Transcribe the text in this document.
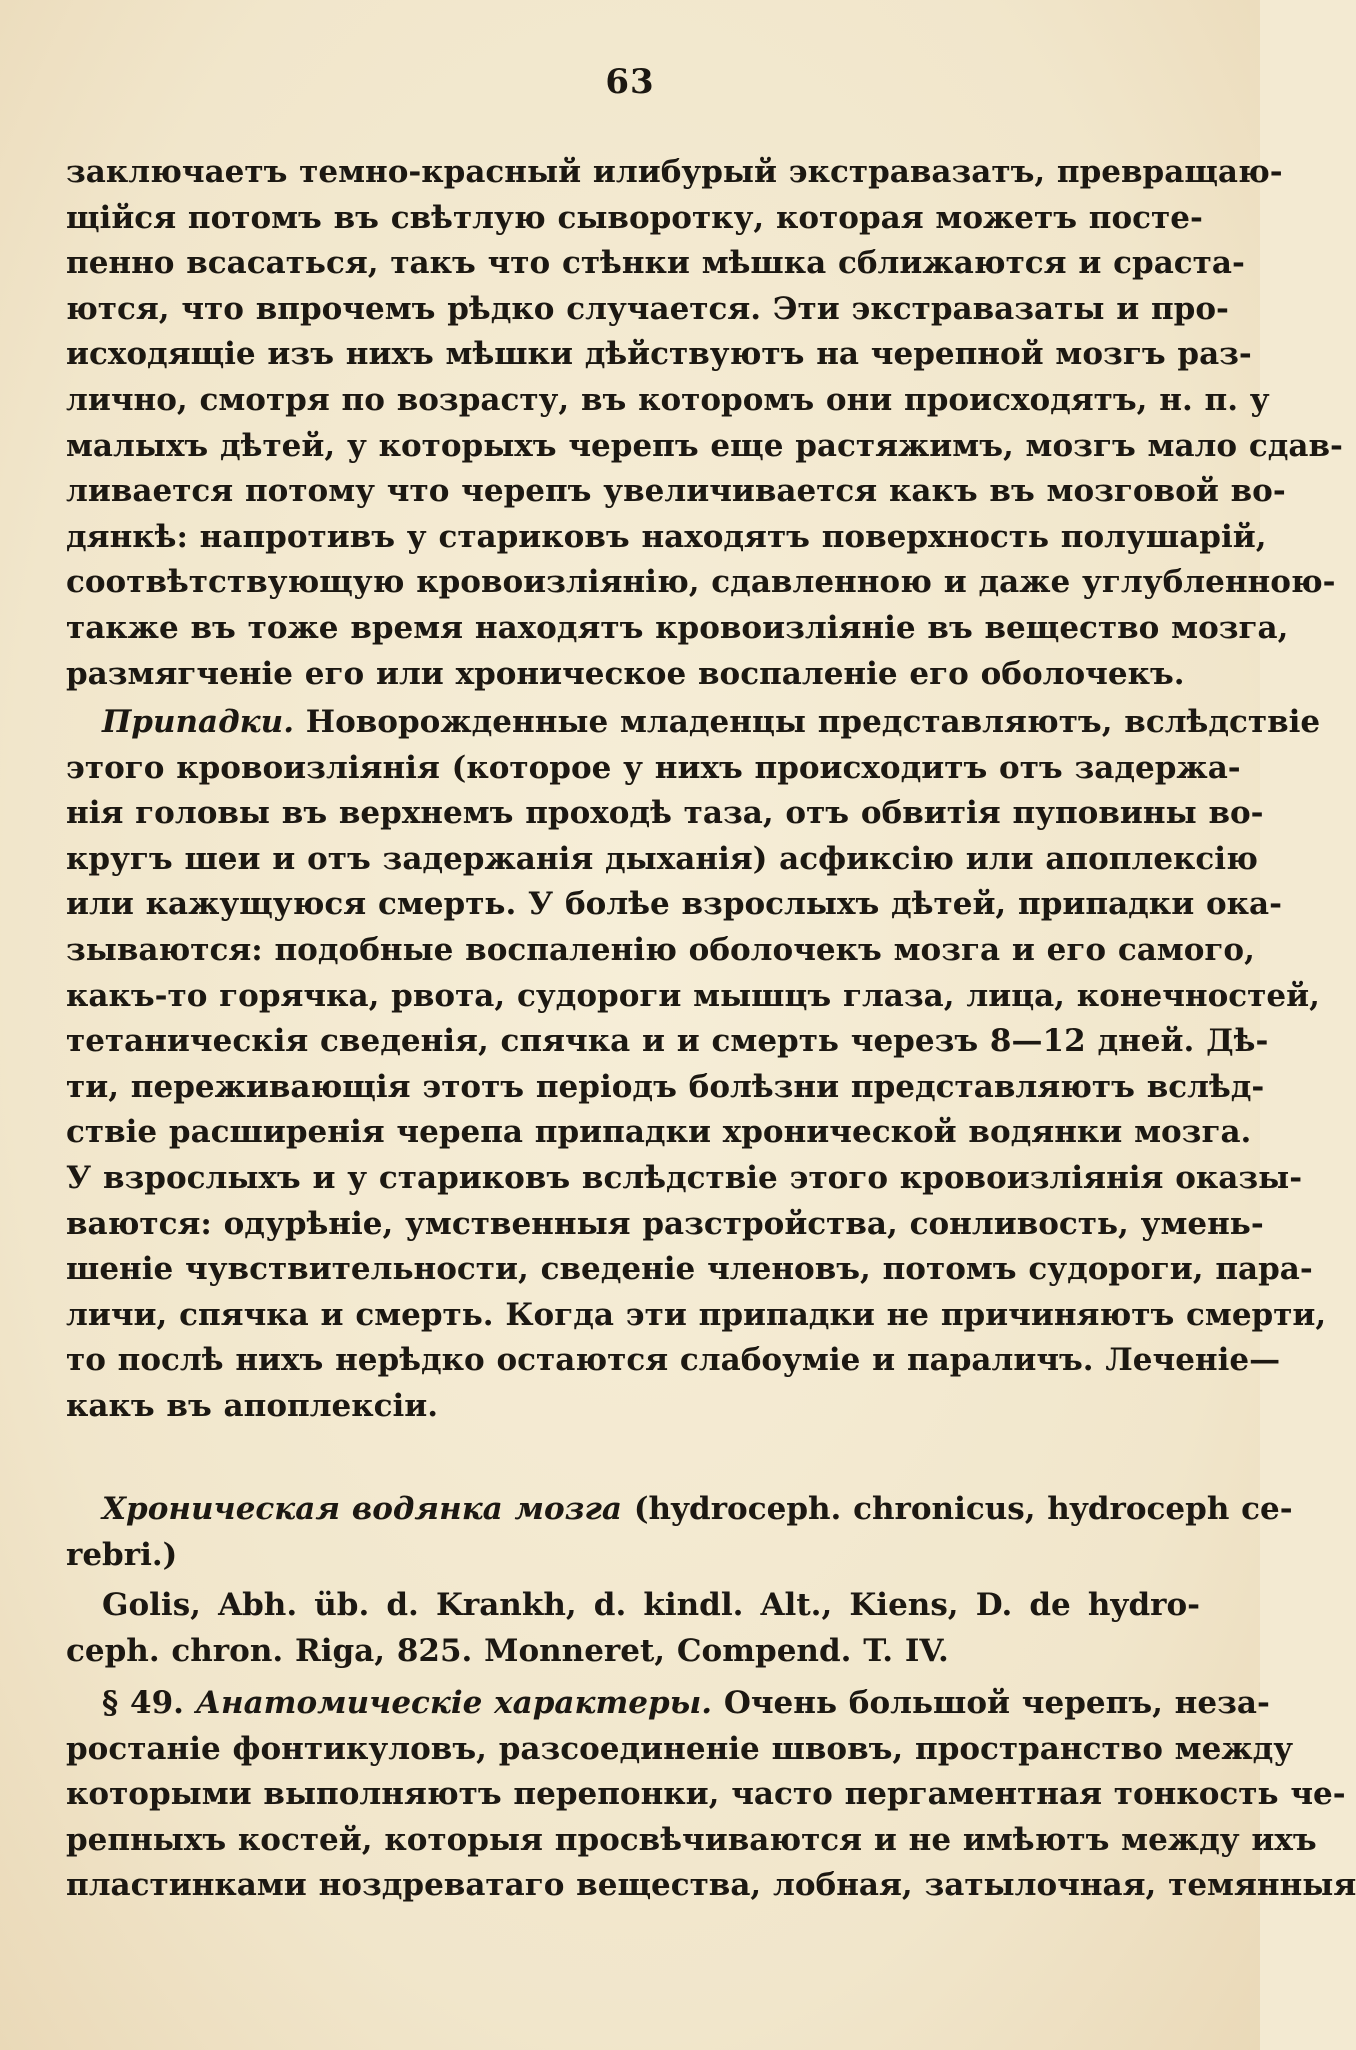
63
заключаетъ темно-красный илибурый экстравазатъ, превращаю-
щійся потомъ въ свѣтлую сыворотку, которая можетъ посте-
пенно всасаться, такъ что стѣнки мѣшка сближаются и сраста-
ются, что впрочемъ рѣдко случается. Эти экстравазаты и про-
исходящіе изъ нихъ мѣшки дѣйствуютъ на черепной мозгъ раз-
лично, смотря по возрасту, въ которомъ они происходятъ, н. п. у
малыхъ дѣтей, у которыхъ черепъ еще растяжимъ, мозгъ мало сдав-
ливается потому что черепъ увеличивается какъ въ мозговой во-
дянкѣ: напротивъ у стариковъ находятъ поверхность полушарій,
соотвѣтствующую кровоизліянію, сдавленною и даже углубленною-
также въ тоже время находятъ кровоизліяніе въ вещество мозга,
размягченіе его или хроническое воспаленіе его оболочекъ.
Припадки. Новорожденные младенцы представляютъ, вслѣдствіе
этого кровоизліянія (которое у нихъ происходитъ отъ задержа-
нія головы въ верхнемъ проходѣ таза, отъ обвитія пуповины во-
кругъ шеи и отъ задержанія дыханія) асфиксію или апоплексію
или кажущуюся смерть. У болѣе взрослыхъ дѣтей, припадки ока-
зываются: подобные воспаленію оболочекъ мозга и его самого,
какъ-то горячка, рвота, судороги мышцъ глаза, лица, конечностей,
тетаническія сведенія, спячка и и смерть черезъ 8—12 дней. Дѣ-
ти, переживающія этотъ періодъ болѣзни представляютъ вслѣд-
ствіе расширенія черепа припадки хронической водянки мозга.
У взрослыхъ и у стариковъ вслѣдствіе этого кровоизліянія оказы-
ваются: одурѣніе, умственныя разстройства, сонливость, умень-
шеніе чувствительности, сведеніе членовъ, потомъ судороги, пара-
личи, спячка и смерть. Когда эти припадки не причиняютъ смерти,
то послѣ нихъ нерѣдко остаются слабоуміе и параличъ. Леченіе—
какъ въ апоплексіи.
Хроническая водянка мозга (hydroceph. chronicus, hydroceph ce-
rebri.)
Golis, Abh. üb. d. Krankh, d. kindl. Alt., Kiens, D. de hydro-
ceph. chron. Riga, 825. Monneret, Compend. T. IV.
§ 49. Анатомическіе характеры. Очень большой черепъ, неза-
ростаніе фонтикуловъ, разсоединеніе швовъ, пространство между
которыми выполняютъ перепонки, часто пергаментная тонкость че-
репныхъ костей, которыя просвѣчиваются и не имѣютъ между ихъ
пластинками ноздреватаго вещества, лобная, затылочная, темянныя
